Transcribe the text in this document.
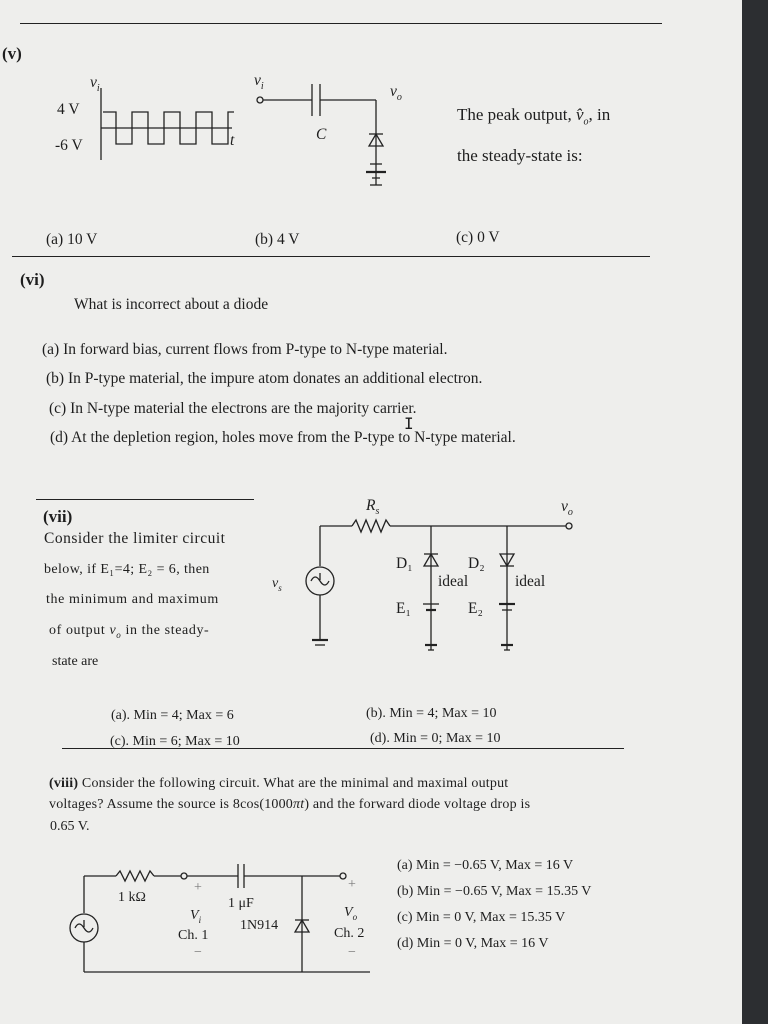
(v)
$v_i$
4 V
-6 V	t
$v_i$
C
$v_o$
The peak output, $v̂_o$, in
the steady-state is:
(a) 10 V	(b) 4 V	(c) 0 V
(vi)
What is incorrect about a diode
(a) In forward bias, current flows from P-type to N-type material.
(b) In P-type material, the impure atom donates an additional electron.
(c) In N-type material the electrons are the majority carrier.
(d) At the depletion region, holes move from the P-type to N-type material.
I
(vii)
Consider the limiter circuit
below, if E₁=4; E₂ = 6, then
the minimum and maximum
of output $v_o$ in the steady-
state are
$R_s$	$v_o$
$v_s$
D₁	D₂
ideal	ideal
E₁	E₂
(a). Min = 4; Max = 6	(b). Min = 4; Max = 10
(c). Min = 6; Max = 10	(d). Min = 0; Max = 10
(viii) Consider the following circuit. What are the minimal and maximal output
voltages? Assume the source is 8cos(1000πt) and the forward diode voltage drop is
0.65 V.
1 kΩ	1 μF
1N914
+
$V_i$
Ch. 1
−
+
$V_o$
Ch. 2
−
(a) Min = −0.65 V, Max = 16 V
(b) Min = −0.65 V, Max = 15.35 V
(c) Min = 0 V, Max = 15.35 V
(d) Min = 0 V, Max = 16 V
